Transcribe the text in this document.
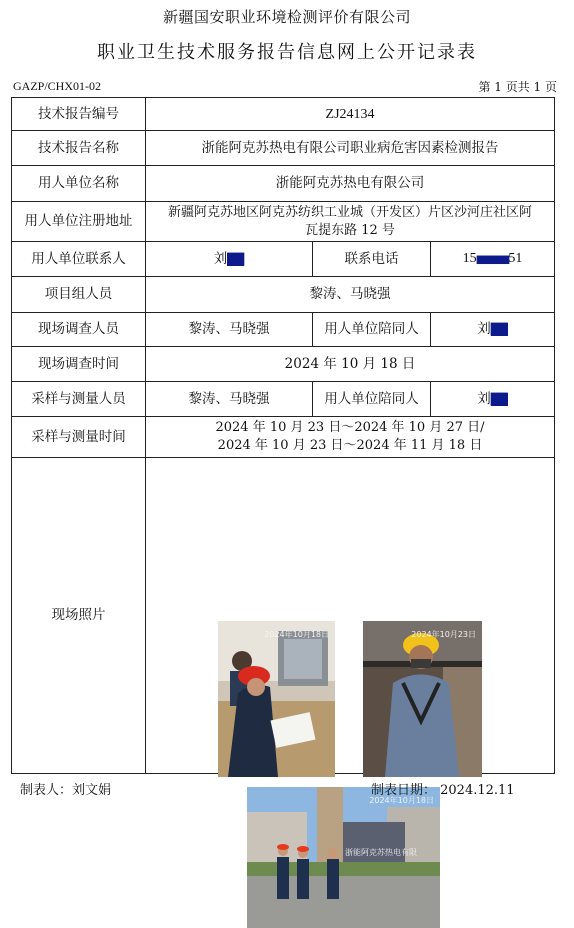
新疆国安职业环境检测评价有限公司
职业卫生技术服务报告信息网上公开记录表
GAZP/CHX01-02	第 1 页共 1 页
技术报告编号	ZJ24134		
技术报告名称	浙能阿克苏热电有限公司职业病危害因素检测报告		
用人单位名称	浙能阿克苏热电有限公司		
用人单位注册地址	新疆阿克苏地区阿克苏纺织工业城（开发区）片区沙河庄社区阿
瓦提东路 12 号		

用人单位联系人	刘██	联系电话	15████████51
项目组人员	黎涛、马晓强		
现场调查人员	黎涛、马晓强	用人单位陪同人	刘██
现场调查时间	2024 年 10 月 18 日		
采样与测量人员	黎涛、马晓强	用人单位陪同人	刘██
采样与测量时间	2024 年 10 月 23 日～2024 年 10 月 27 日/
2024 年 10 月 23 日～2024 年 11 月 18 日		

现场照片	2024年10月18日 2024年10月23日
浙能阿克苏热电有限
2024年10月18日		
制表人：刘文娟	制表日期： 2024.12.11
